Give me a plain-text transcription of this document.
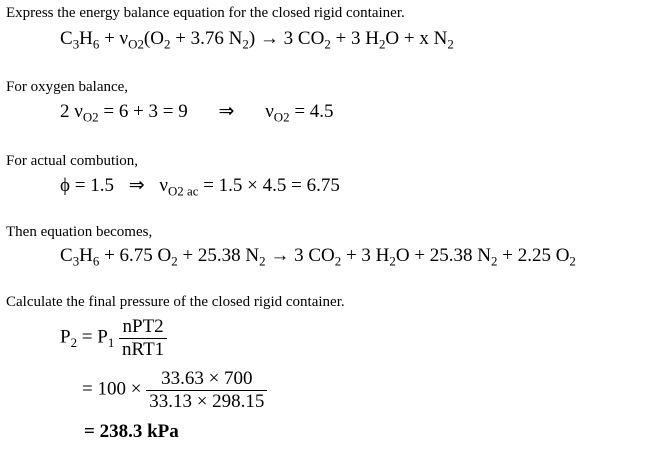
Express the energy balance equation for the closed rigid container.
$C_3H_6 + \nu_{O2}(O_2 + 3.76$ $N_2) \to 3$ $CO_2 + 3$ $H_2O + x$ $N_2$
For oxygen balance,
2 $\nu_{O2} = 6 + 3 = 9$ ⇒ $\nu_{O2} = 4.5$
For actual combution,
ϕ = 1.5 ⇒ $\nu_{O2 ac} = 1.5 \times 4.5 = 6.75$
Then equation becomes,
$C_3H_6 + 6.75$ $O_2 + 25.38$ $N_2 \to 3$ $CO_2 + 3$ $H_2O + 25.38$ $N_2 + 2.25$ $O_2$
Calculate the final pressure of the closed rigid container.
$P_2 = P_1 \frac{\text{nPT2}}{\text{nRT1}}$
= $100 \times \frac{33.63 \times 700}{33.13 \times 298.15}$
= 238.3 kPa
